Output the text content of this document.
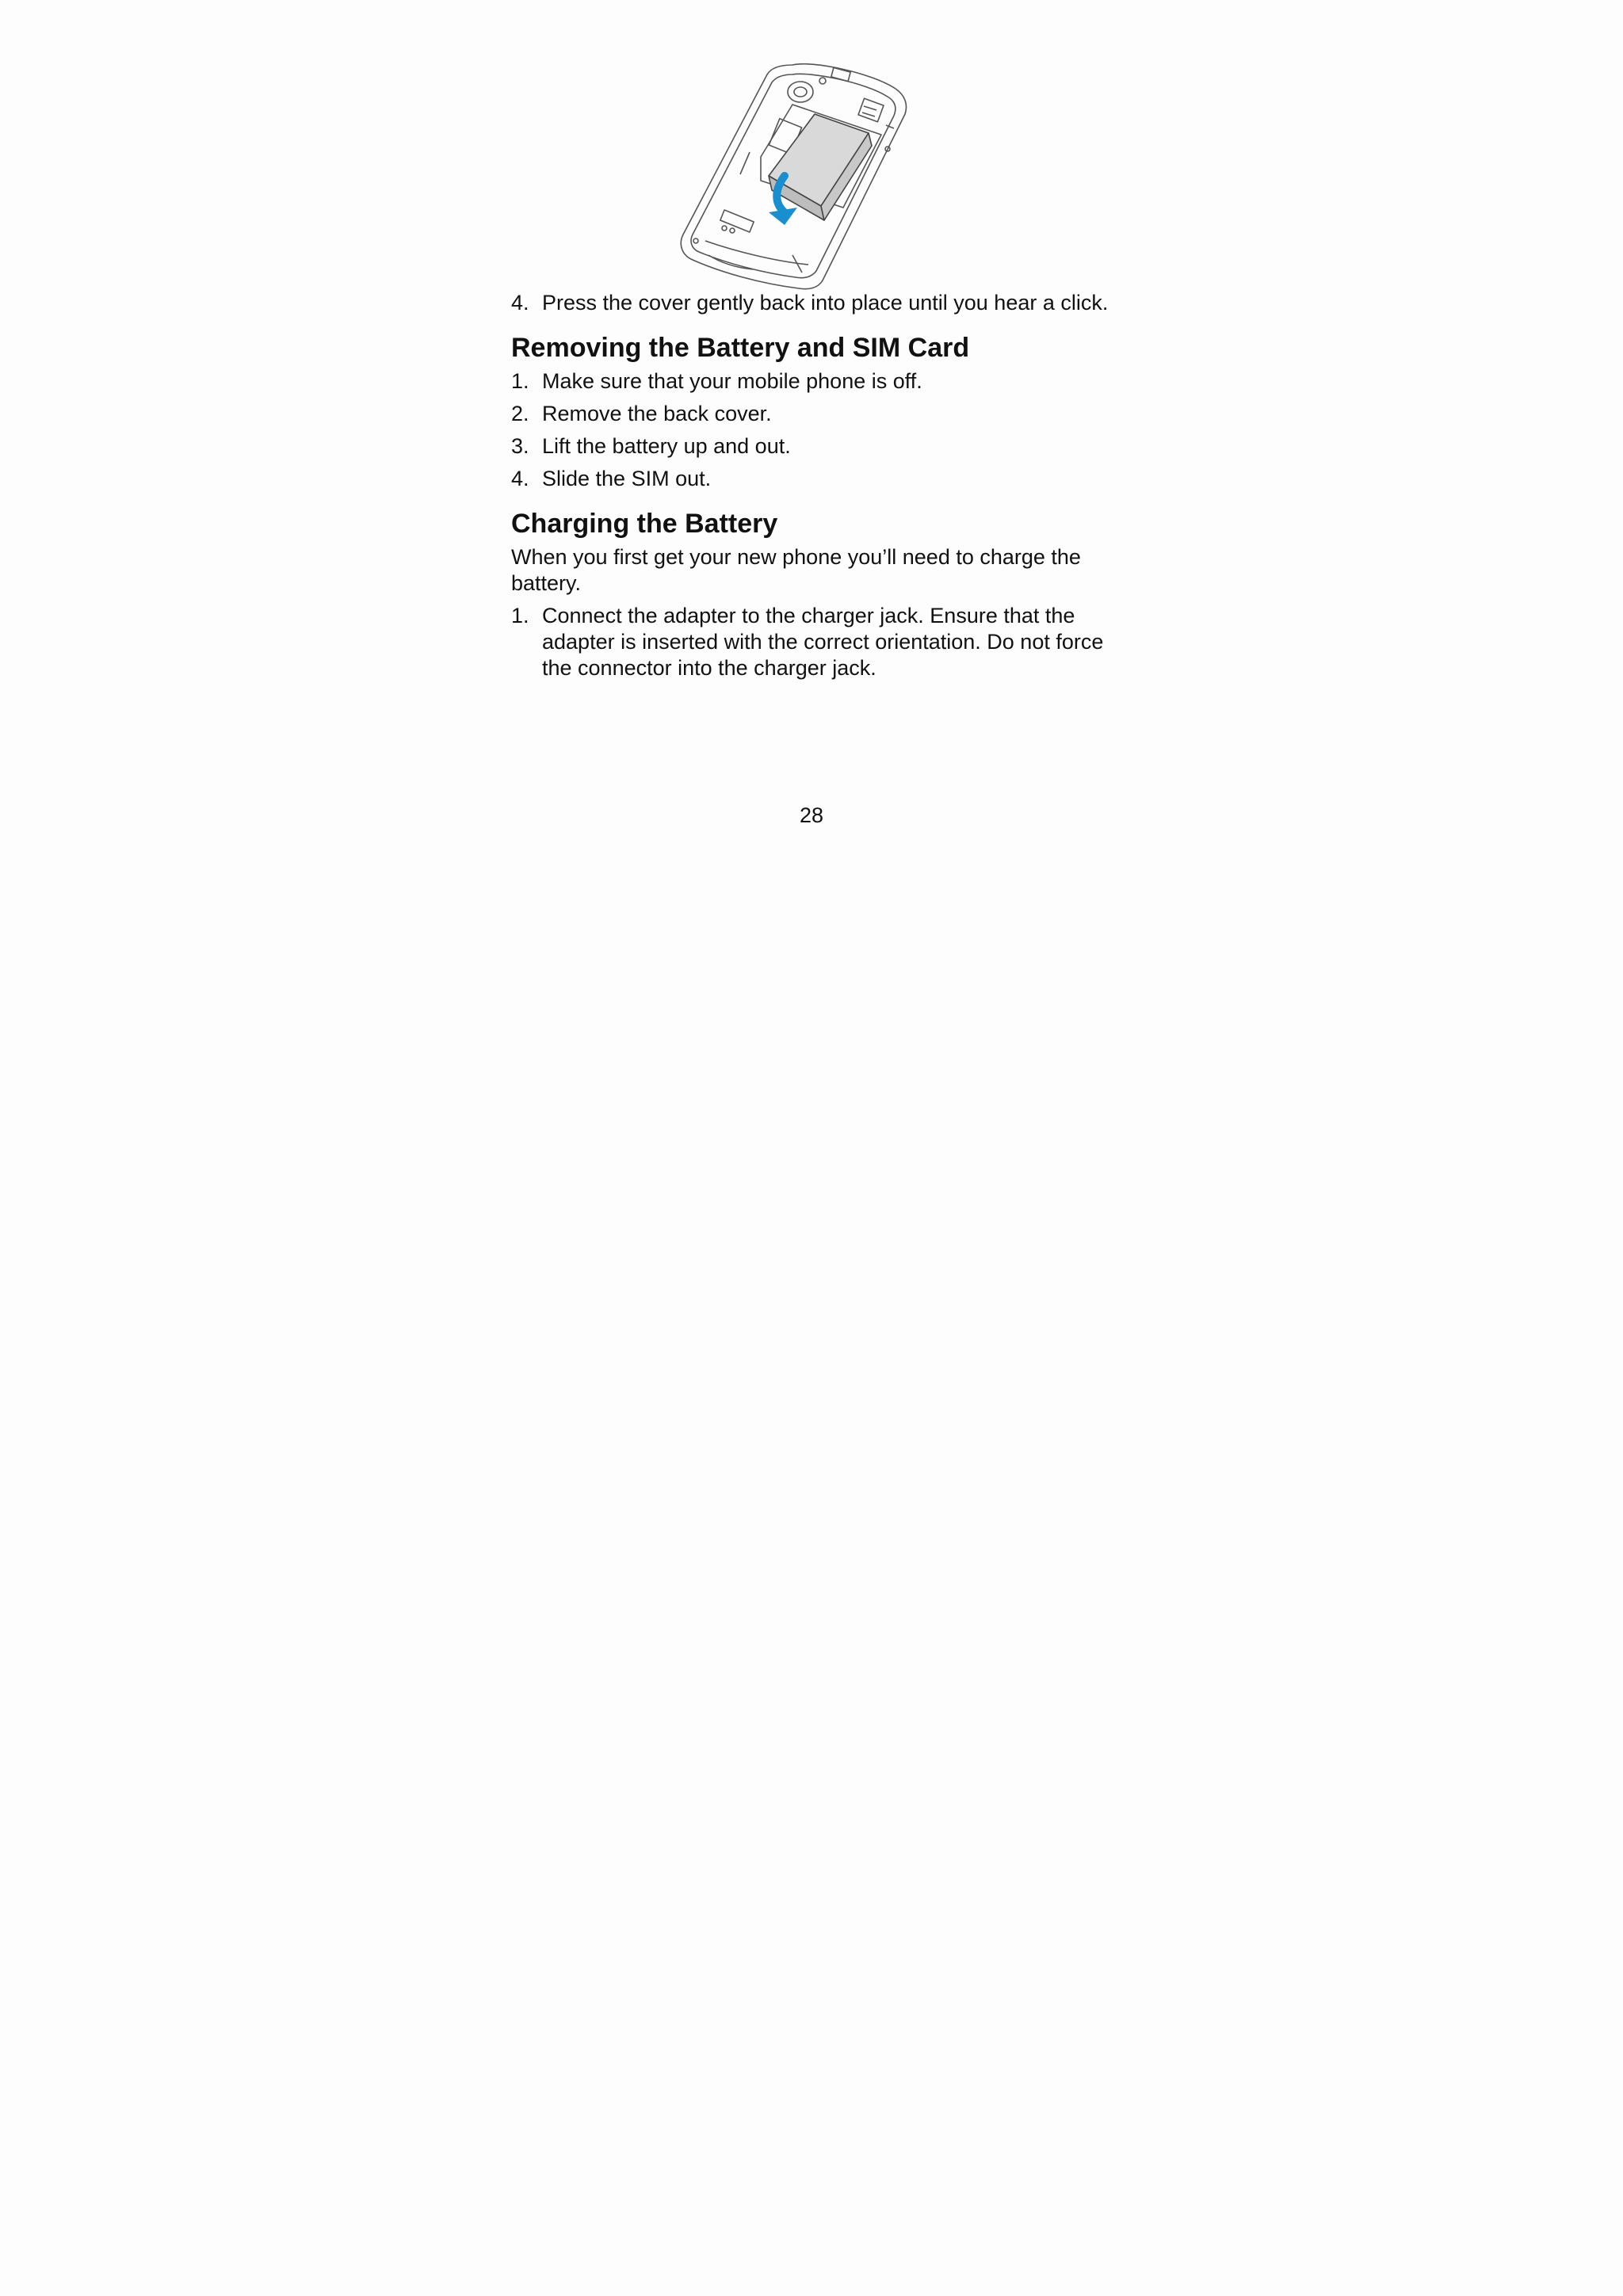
4. Press the cover gently back into place until you hear a click.

Removing the Battery and SIM Card

1. Make sure that your mobile phone is off.

2. Remove the back cover.

3. Lift the battery up and out.

4. Slide the SIM out.

Charging the Battery

When you first get your new phone you’ll need to charge the battery.

1. Connect the adapter to the charger jack. Ensure that the adapter is inserted with the correct orientation. Do not force the connector into the charger jack.

28
